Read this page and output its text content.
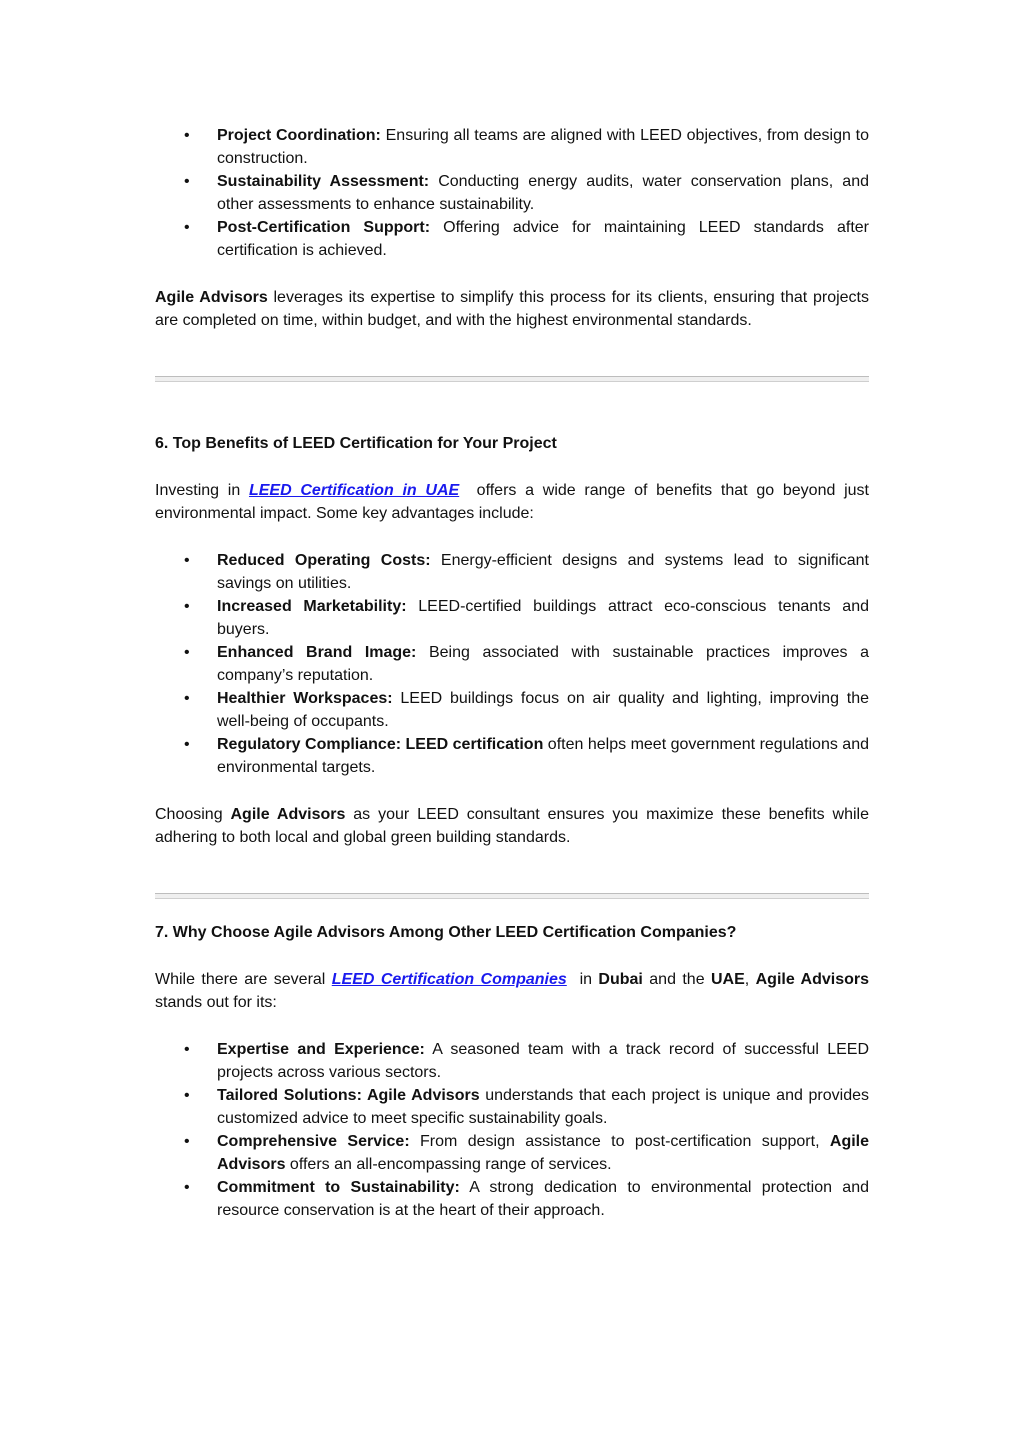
• Project Coordination: Ensuring all teams are aligned with LEED objectives, from design to construction.
• Sustainability Assessment: Conducting energy audits, water conservation plans, and other assessments to enhance sustainability.
• Post-Certification Support: Offering advice for maintaining LEED standards after certification is achieved.

Agile Advisors leverages its expertise to simplify this process for its clients, ensuring that projects are completed on time, within budget, and with the highest environmental standards.

6. Top Benefits of LEED Certification for Your Project

Investing in LEED Certification in UAE  offers a wide range of benefits that go beyond just environmental impact. Some key advantages include:

• Reduced Operating Costs: Energy-efficient designs and systems lead to significant savings on utilities.
• Increased Marketability: LEED-certified buildings attract eco-conscious tenants and buyers.
• Enhanced Brand Image: Being associated with sustainable practices improves a company’s reputation.
• Healthier Workspaces: LEED buildings focus on air quality and lighting, improving the well-being of occupants.
• Regulatory Compliance: LEED certification often helps meet government regulations and environmental targets.

Choosing Agile Advisors as your LEED consultant ensures you maximize these benefits while adhering to both local and global green building standards.

7. Why Choose Agile Advisors Among Other LEED Certification Companies?

While there are several LEED Certification Companies  in Dubai and the UAE, Agile Advisors stands out for its:

• Expertise and Experience: A seasoned team with a track record of successful LEED projects across various sectors.
• Tailored Solutions: Agile Advisors understands that each project is unique and provides customized advice to meet specific sustainability goals.
• Comprehensive Service: From design assistance to post-certification support, Agile Advisors offers an all-encompassing range of services.
• Commitment to Sustainability: A strong dedication to environmental protection and resource conservation is at the heart of their approach.
